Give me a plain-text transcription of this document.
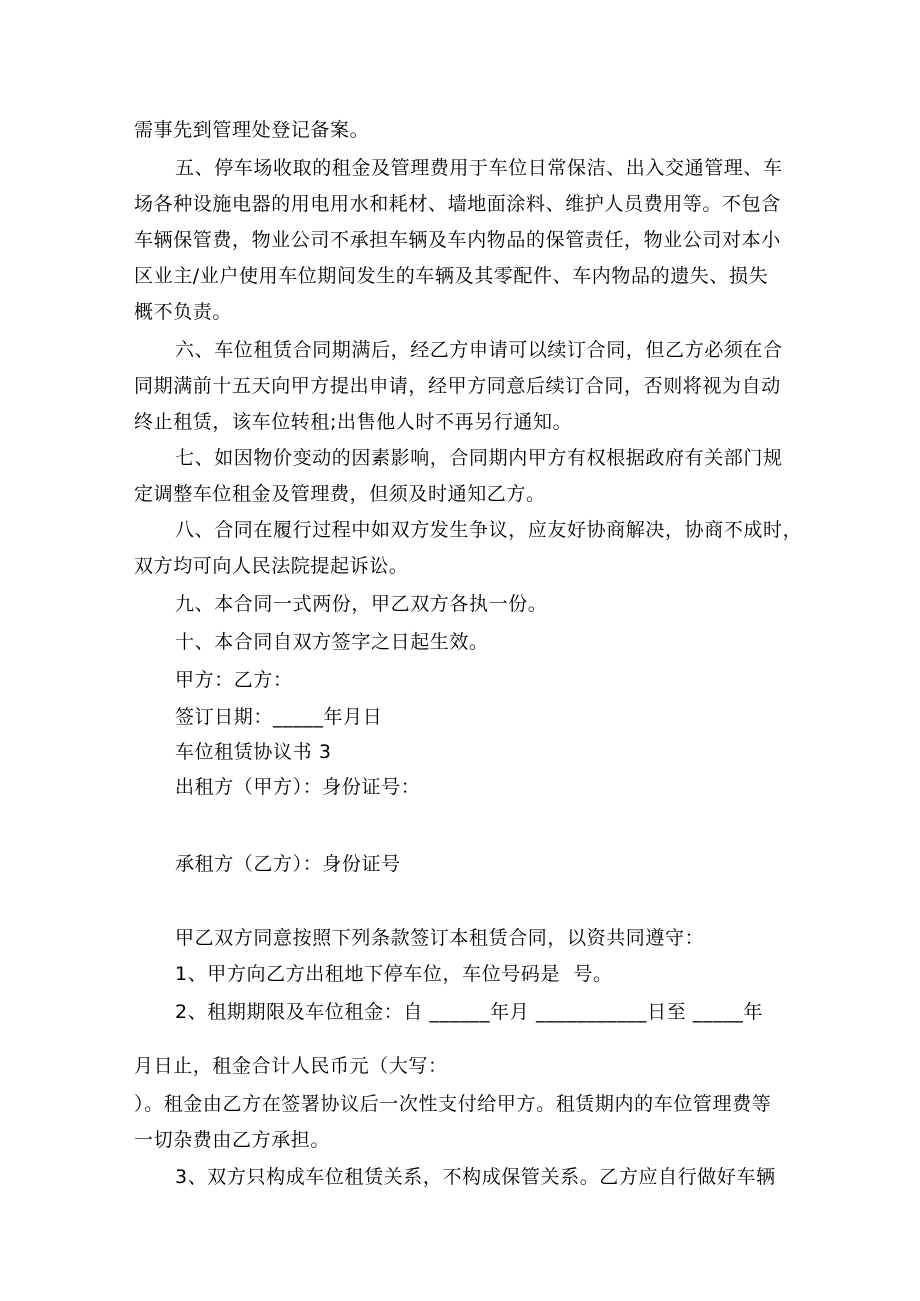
需事先到管理处登记备案。
五、停车场收取的租金及管理费用于车位日常保洁、出入交通管理、车
场各种设施电器的用电用水和耗材、墙地面涂料、维护人员费用等。不包含
车辆保管费，物业公司不承担车辆及车内物品的保管责任，物业公司对本小
区业主/业户使用车位期间发生的车辆及其零配件、车内物品的遗失、损失
概不负责。
六、车位租赁合同期满后，经乙方申请可以续订合同，但乙方必须在合
同期满前十五天向甲方提出申请，经甲方同意后续订合同，否则将视为自动
终止租赁，该车位转租;出售他人时不再另行通知。
七、如因物价变动的因素影响，合同期内甲方有权根据政府有关部门规
定调整车位租金及管理费，但须及时通知乙方。
八、合同在履行过程中如双方发生争议，应友好协商解决，协商不成时，
双方均可向人民法院提起诉讼。
九、本合同一式两份，甲乙双方各执一份。
十、本合同自双方签字之日起生效。
甲方：乙方：
签订日期：_____年月日
车位租赁协议书 3
出租方（甲方）：身份证号：
承租方（乙方）：身份证号
甲乙双方同意按照下列条款签订本租赁合同，以资共同遵守：
1、甲方向乙方出租地下停车位，车位号码是  号。
2、租期期限及车位租金：自 ______年月 ___________日至 _____年
月日止，租金合计人民币元（大写：
）。租金由乙方在签署协议后一次性支付给甲方。租赁期内的车位管理费等
一切杂费由乙方承担。
3、双方只构成车位租赁关系，不构成保管关系。乙方应自行做好车辆
